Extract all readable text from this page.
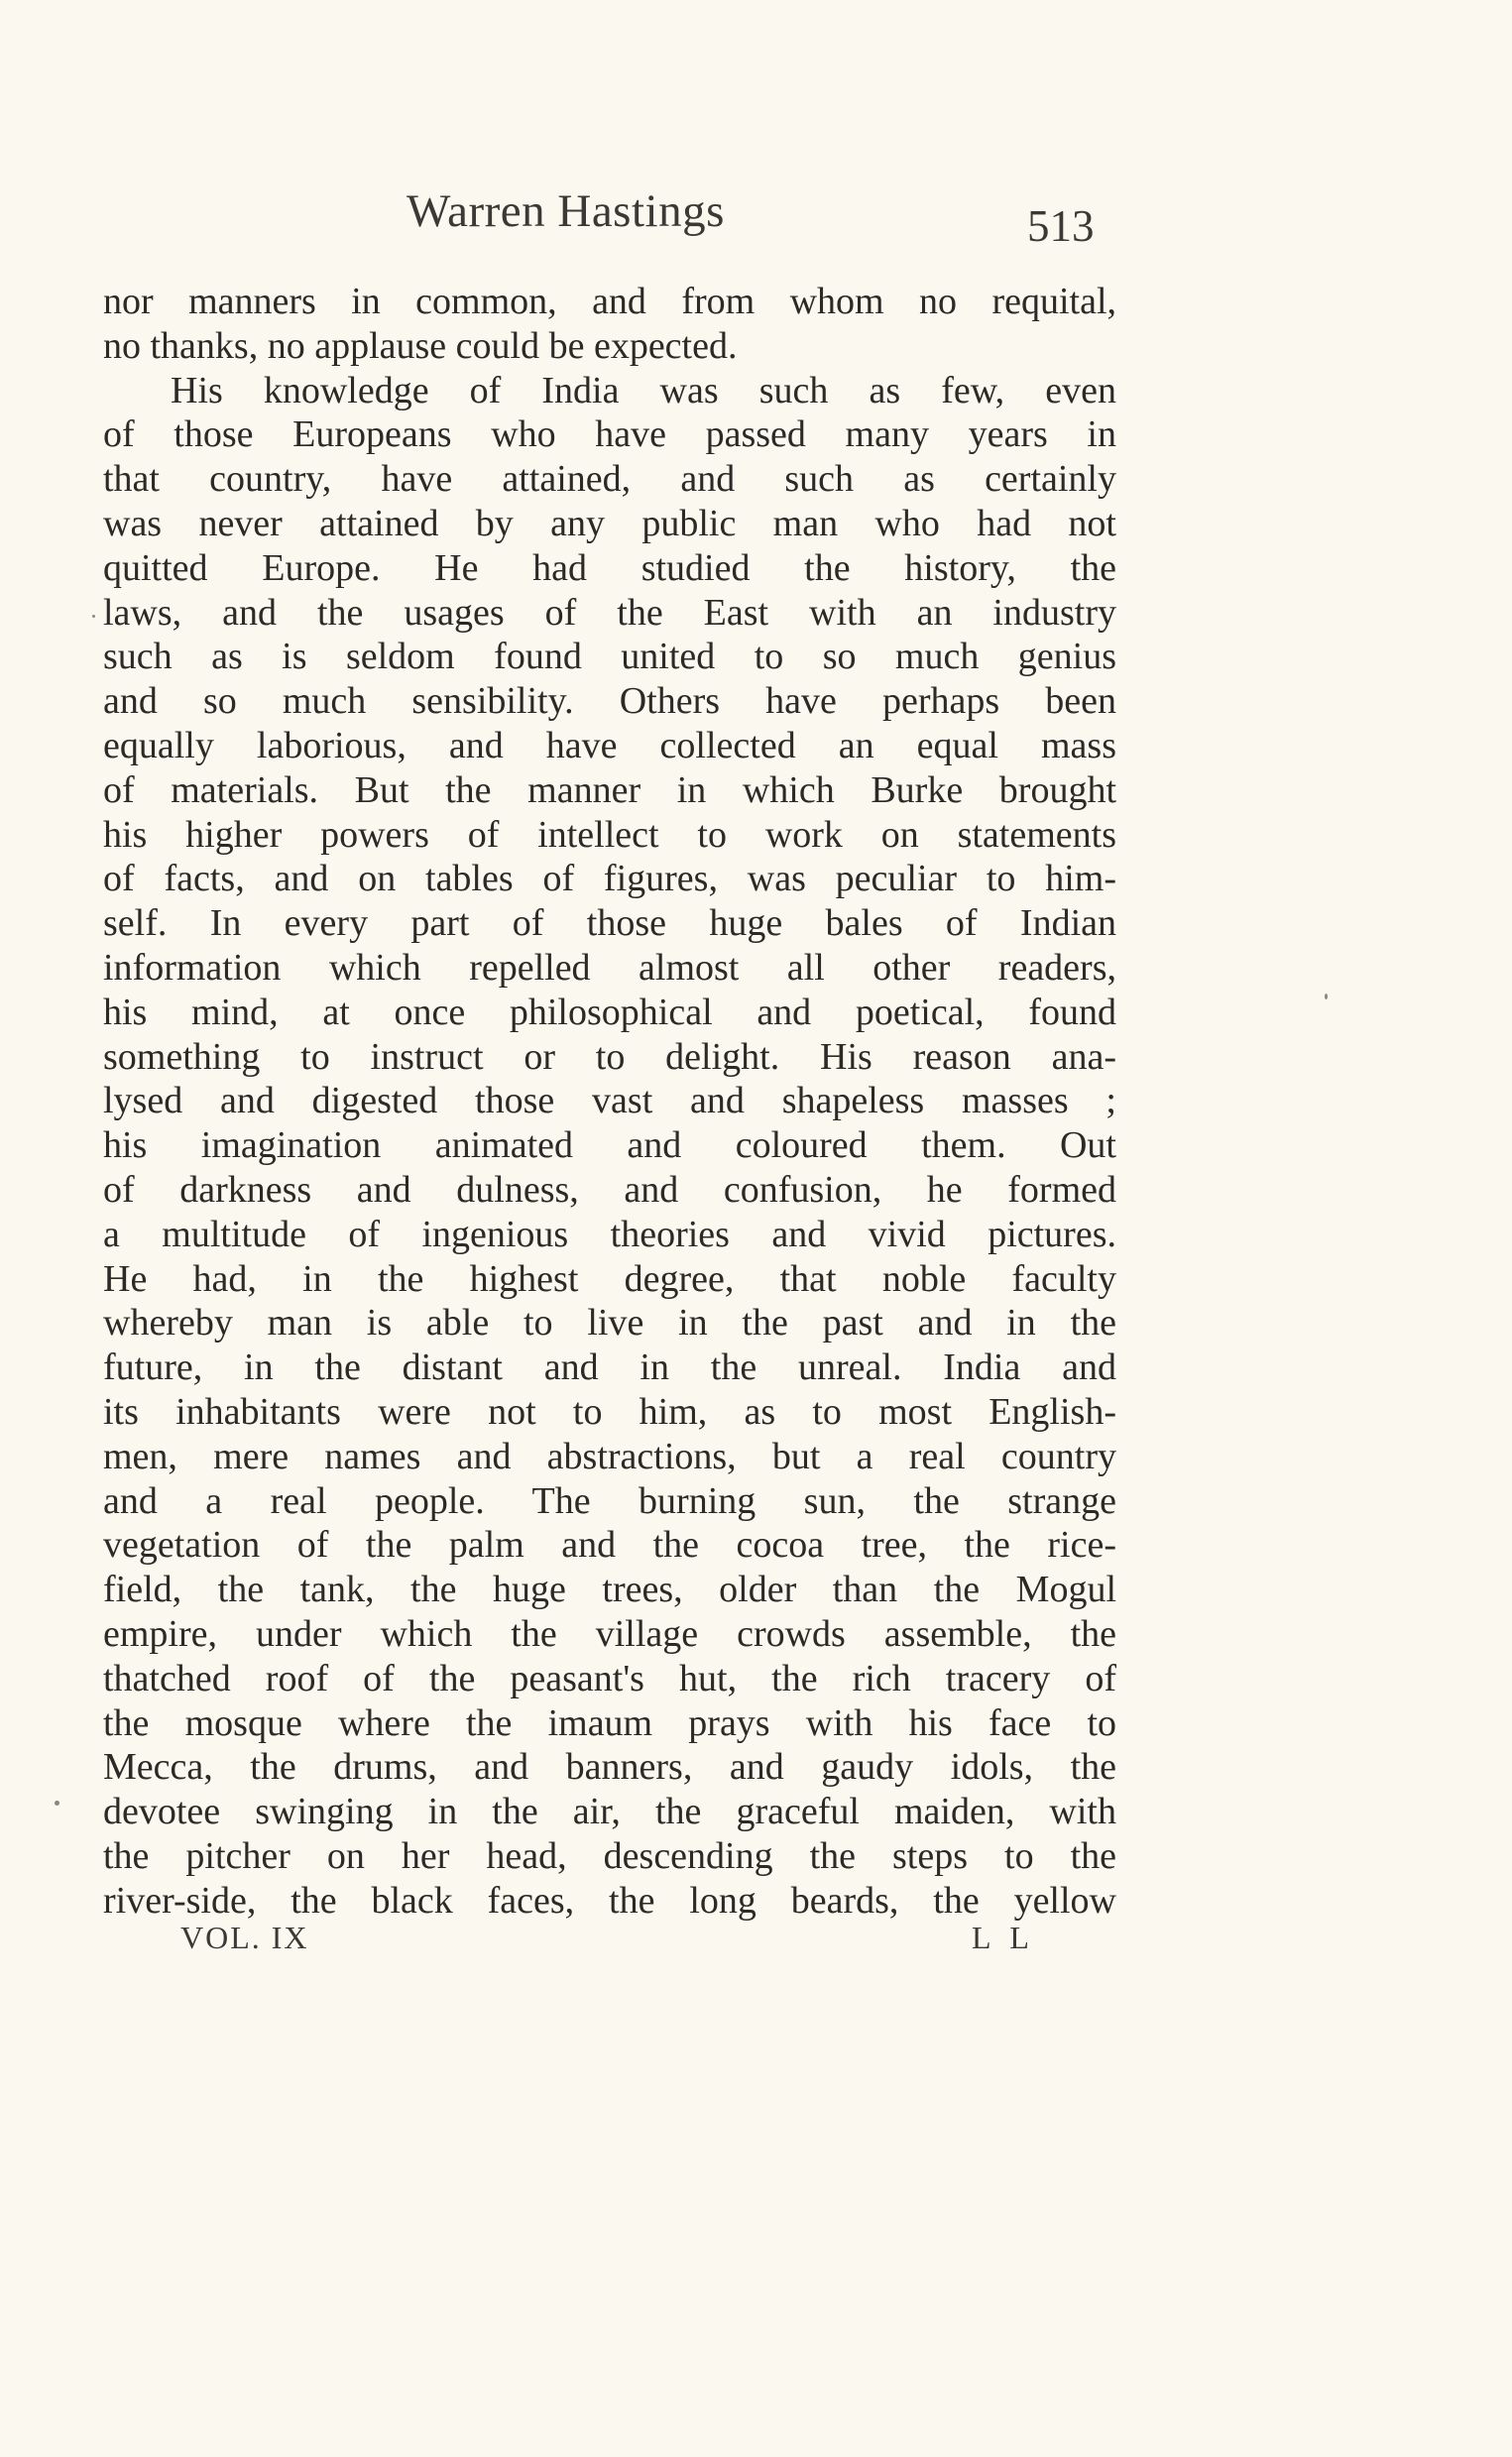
Warren Hastings	513
nor manners in common, and from whom no requital,
no thanks, no applause could be expected.
His knowledge of India was such as few, even
of those Europeans who have passed many years in
that country, have attained, and such as certainly
was never attained by any public man who had not
quitted Europe. He had studied the history, the
laws, and the usages of the East with an industry
such as is seldom found united to so much genius
and so much sensibility. Others have perhaps been
equally laborious, and have collected an equal mass
of materials. But the manner in which Burke brought
his higher powers of intellect to work on statements
of facts, and on tables of figures, was peculiar to him-
self. In every part of those huge bales of Indian
information which repelled almost all other readers,
his mind, at once philosophical and poetical, found
something to instruct or to delight. His reason ana-
lysed and digested those vast and shapeless masses ;
his imagination animated and coloured them. Out
of darkness and dulness, and confusion, he formed
a multitude of ingenious theories and vivid pictures.
He had, in the highest degree, that noble faculty
whereby man is able to live in the past and in the
future, in the distant and in the unreal. India and
its inhabitants were not to him, as to most English-
men, mere names and abstractions, but a real country
and a real people. The burning sun, the strange
vegetation of the palm and the cocoa tree, the rice-
field, the tank, the huge trees, older than the Mogul
empire, under which the village crowds assemble, the
thatched roof of the peasant's hut, the rich tracery of
the mosque where the imaum prays with his face to
Mecca, the drums, and banners, and gaudy idols, the
devotee swinging in the air, the graceful maiden, with
the pitcher on her head, descending the steps to the
river-side, the black faces, the long beards, the yellow
VOL. IX	L L
